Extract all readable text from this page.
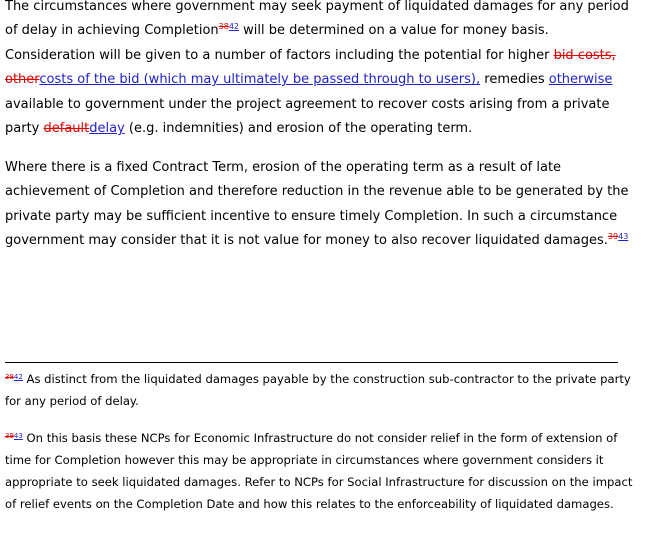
The circumstances where government may seek payment of liquidated damages for any period of delay in achieving Completion$^{3842}$ will be determined on a value for money basis. Consideration will be given to a number of factors including the potential for higher bid costs, othercosts of the bid (which may ultimately be passed through to users), remedies otherwise available to government under the project agreement to recover costs arising from a private party defaultdelay (e.g. indemnities) and erosion of the operating term.

Where there is a fixed Contract Term, erosion of the operating term as a result of late achievement of Completion and therefore reduction in the revenue able to be generated by the private party may be sufficient incentive to ensure timely Completion. In such a circumstance government may consider that it is not value for money to also recover liquidated damages.$^{3943}$

$^{3842}$ As distinct from the liquidated damages payable by the construction sub-contractor to the private party for any period of delay.

$^{3943}$ On this basis these NCPs for Economic Infrastructure do not consider relief in the form of extension of time for Completion however this may be appropriate in circumstances where government considers it appropriate to seek liquidated damages. Refer to NCPs for Social Infrastructure for discussion on the impact of relief events on the Completion Date and how this relates to the enforceability of liquidated damages.
